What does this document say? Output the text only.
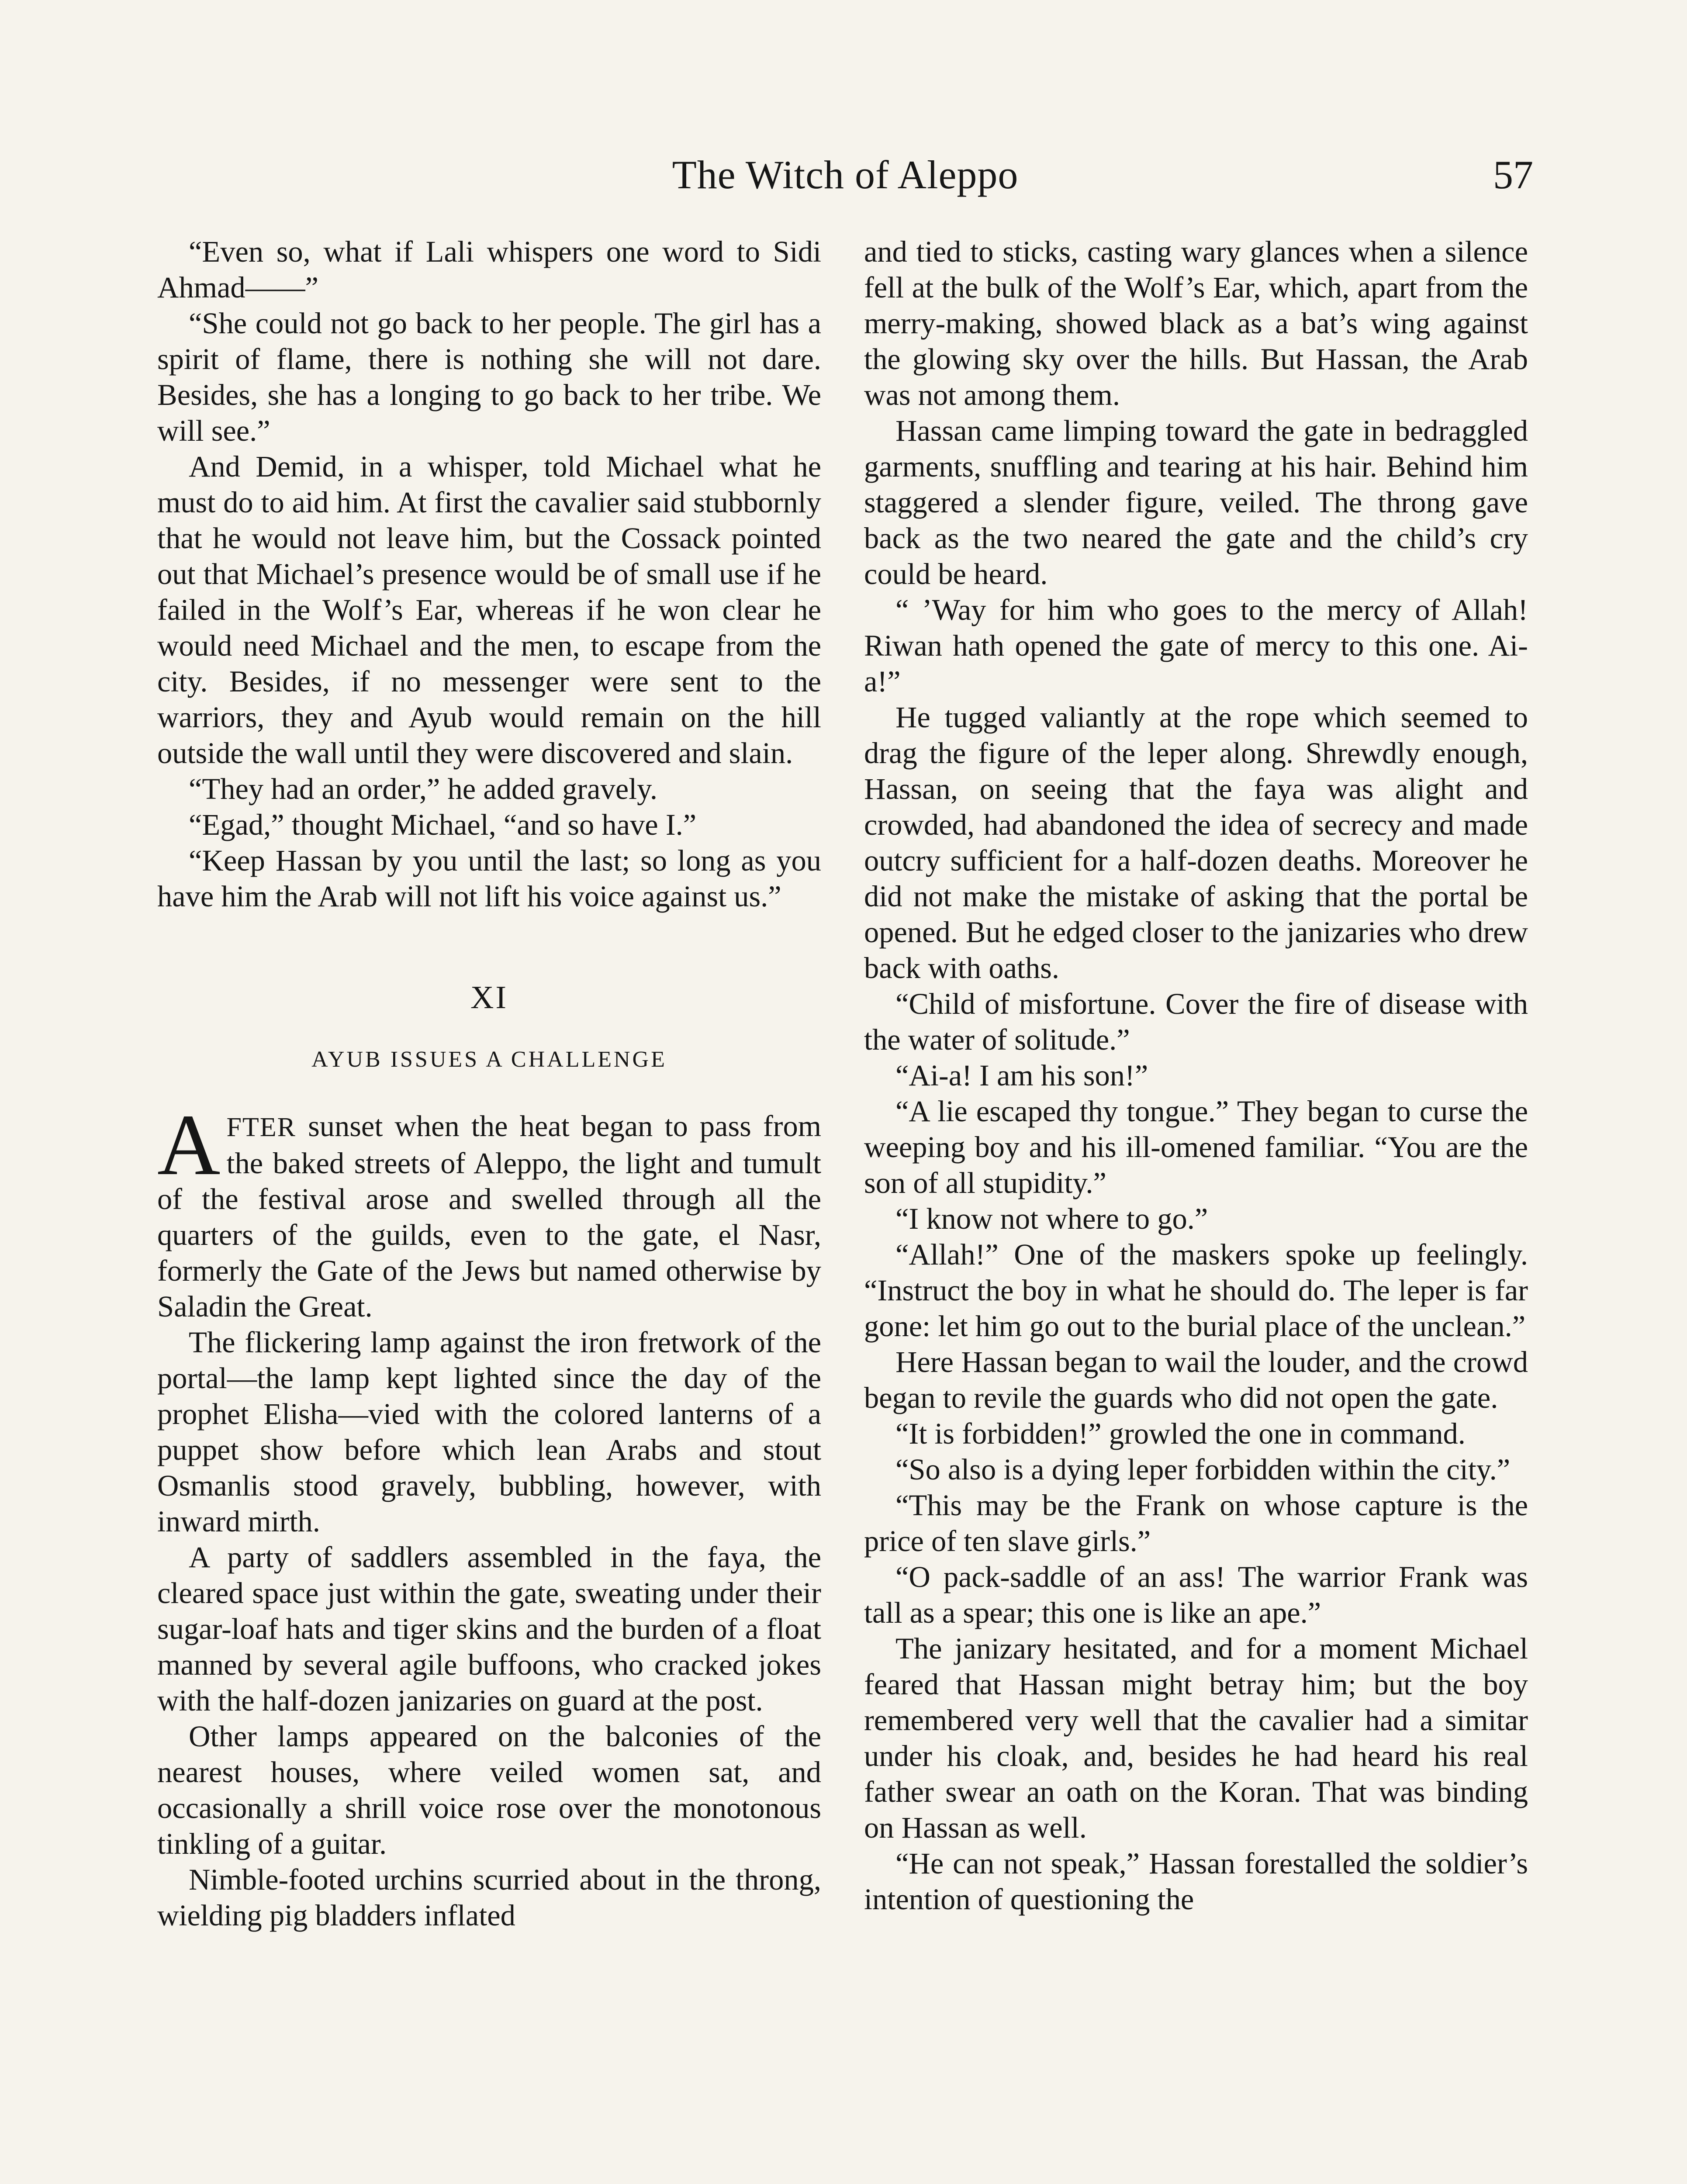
The Witch of Aleppo	57

“Even so, what if Lali whispers one word to Sidi Ahmad——”

“She could not go back to her people. The girl has a spirit of flame, there is nothing she will not dare. Besides, she has a longing to go back to her tribe. We will see.”

And Demid, in a whisper, told Michael what he must do to aid him. At first the cavalier said stubbornly that he would not leave him, but the Cossack pointed out that Michael’s presence would be of small use if he failed in the Wolf’s Ear, whereas if he won clear he would need Michael and the men, to escape from the city. Besides, if no messenger were sent to the warriors, they and Ayub would remain on the hill outside the wall until they were discovered and slain.

“They had an order,” he added gravely.

“Egad,” thought Michael, “and so have I.”

“Keep Hassan by you until the last; so long as you have him the Arab will not lift his voice against us.”

XI
AYUB ISSUES A CHALLENGE

AFTER sunset when the heat began to pass from the baked streets of Aleppo, the light and tumult of the festival arose and swelled through all the quarters of the guilds, even to the gate, el Nasr, formerly the Gate of the Jews but named otherwise by Saladin the Great.

The flickering lamp against the iron fretwork of the portal—the lamp kept lighted since the day of the prophet Elisha—vied with the colored lanterns of a puppet show before which lean Arabs and stout Osmanlis stood gravely, bubbling, however, with inward mirth.

A party of saddlers assembled in the faya, the cleared space just within the gate, sweating under their sugar-loaf hats and tiger skins and the burden of a float manned by several agile buffoons, who cracked jokes with the half-dozen janizaries on guard at the post.

Other lamps appeared on the balconies of the nearest houses, where veiled women sat, and occasionally a shrill voice rose over the monotonous tinkling of a guitar.

Nimble-footed urchins scurried about in the throng, wielding pig bladders inflated

and tied to sticks, casting wary glances when a silence fell at the bulk of the Wolf’s Ear, which, apart from the merry-making, showed black as a bat’s wing against the glowing sky over the hills. But Hassan, the Arab was not among them.

Hassan came limping toward the gate in bedraggled garments, snuffling and tearing at his hair. Behind him staggered a slender figure, veiled. The throng gave back as the two neared the gate and the child’s cry could be heard.

“ ’Way for him who goes to the mercy of Allah! Riwan hath opened the gate of mercy to this one. Ai-a!”

He tugged valiantly at the rope which seemed to drag the figure of the leper along. Shrewdly enough, Hassan, on seeing that the faya was alight and crowded, had abandoned the idea of secrecy and made outcry sufficient for a half-dozen deaths. Moreover he did not make the mistake of asking that the portal be opened. But he edged closer to the janizaries who drew back with oaths.

“Child of misfortune. Cover the fire of disease with the water of solitude.”

“Ai-a! I am his son!”

“A lie escaped thy tongue.” They began to curse the weeping boy and his ill-omened familiar. “You are the son of all stupidity.”

“I know not where to go.”

“Allah!” One of the maskers spoke up feelingly. “Instruct the boy in what he should do. The leper is far gone: let him go out to the burial place of the unclean.”

Here Hassan began to wail the louder, and the crowd began to revile the guards who did not open the gate.

“It is forbidden!” growled the one in command.

“So also is a dying leper forbidden within the city.”

“This may be the Frank on whose capture is the price of ten slave girls.”

“O pack-saddle of an ass! The warrior Frank was tall as a spear; this one is like an ape.”

The janizary hesitated, and for a moment Michael feared that Hassan might betray him; but the boy remembered very well that the cavalier had a simitar under his cloak, and, besides he had heard his real father swear an oath on the Koran. That was binding on Hassan as well.

“He can not speak,” Hassan forestalled the soldier’s intention of questioning the
